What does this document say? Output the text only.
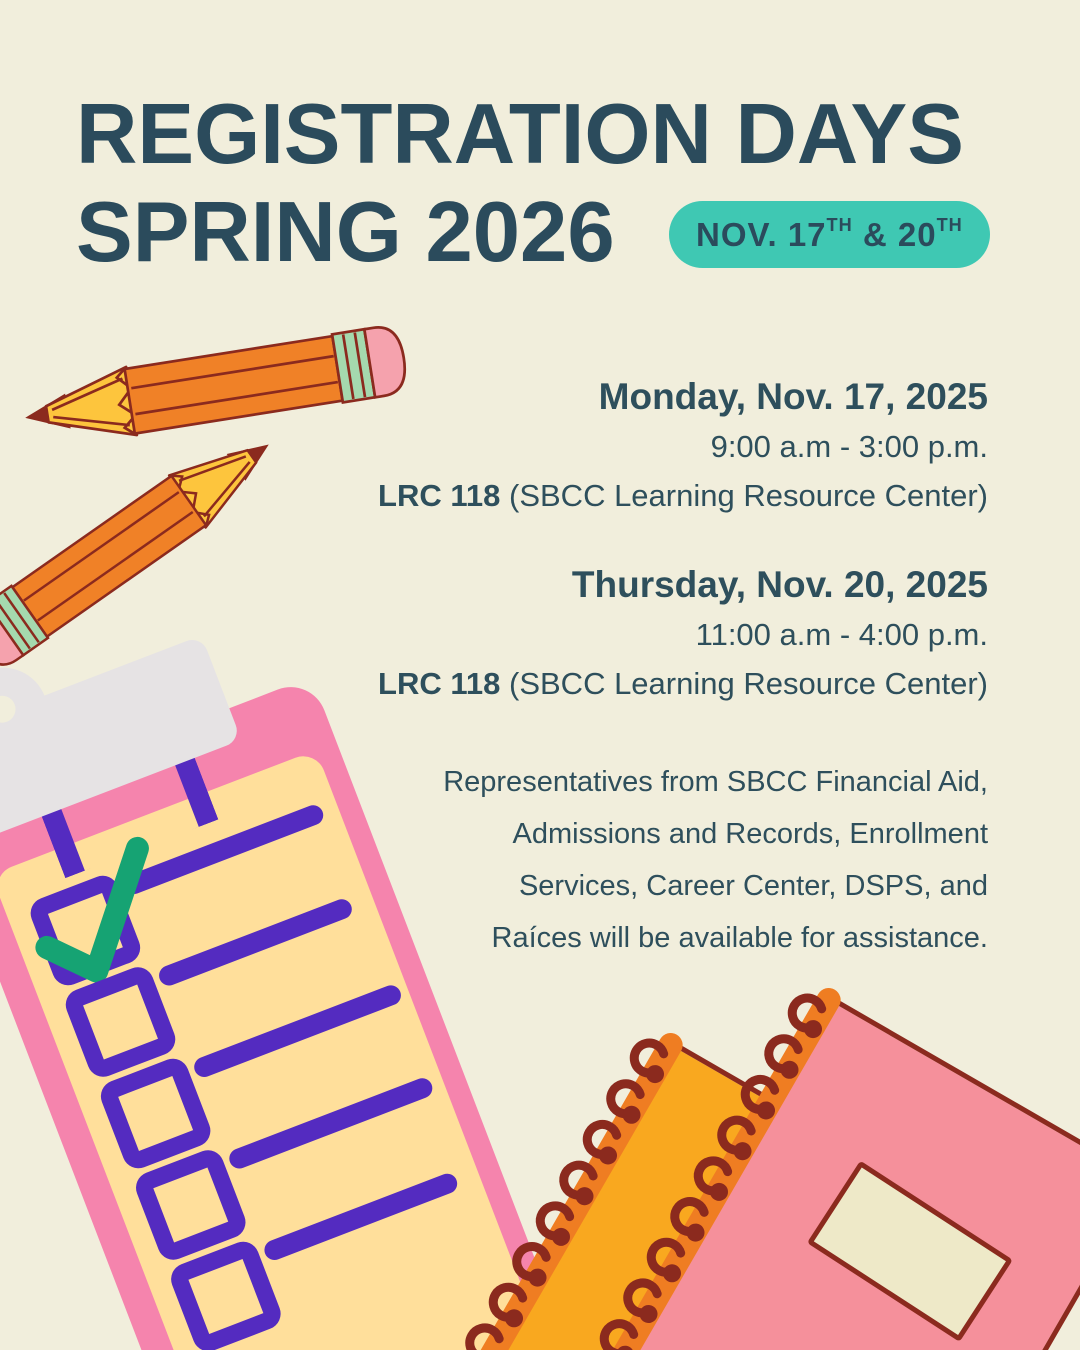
REGISTRATION DAYS
SPRING 2026	NOV. 17TH & 20TH
Monday, Nov. 17, 2025
9:00 a.m - 3:00 p.m.
LRC 118 (SBCC Learning Resource Center)
Thursday, Nov. 20, 2025
11:00 a.m - 4:00 p.m.
LRC 118 (SBCC Learning Resource Center)
Representatives from SBCC Financial Aid,
Admissions and Records, Enrollment
Services, Career Center, DSPS, and
Raíces will be available for assistance.
